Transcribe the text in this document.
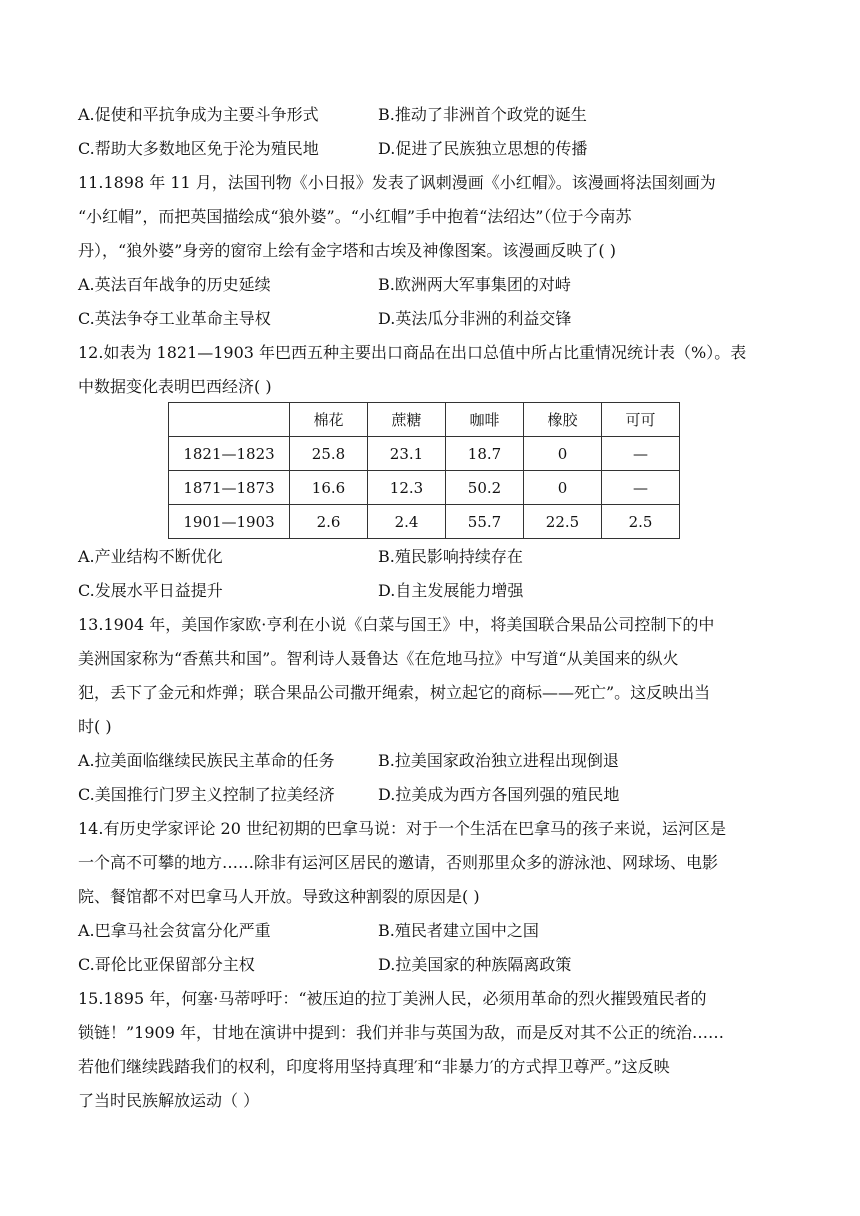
A.促使和平抗争成为主要斗争形式	B.推动了非洲首个政党的诞生
C.帮助大多数地区免于沦为殖民地	D.促进了民族独立思想的传播
11.1898 年 11 月，法国刊物《小日报》发表了讽刺漫画《小红帽》。该漫画将法国刻画为
“小红帽”，而把英国描绘成“狼外婆”。“小红帽”手中抱着“法绍达”（位于今南苏
丹），“狼外婆”身旁的窗帘上绘有金字塔和古埃及神像图案。该漫画反映了( )
A.英法百年战争的历史延续	B.欧洲两大军事集团的对峙
C.英法争夺工业革命主导权	D.英法瓜分非洲的利益交锋
12.如表为 1821—1903 年巴西五种主要出口商品在出口总值中所占比重情况统计表（%）。表
中数据变化表明巴西经济( )
	棉花	蔗糖	咖啡	橡胶	可可
1821—1823	25.8	23.1	18.7	0	—
1871—1873	16.6	12.3	50.2	0	—
1901—1903	2.6	2.4	55.7	22.5	2.5
A.产业结构不断优化	B.殖民影响持续存在
C.发展水平日益提升	D.自主发展能力增强
13.1904 年，美国作家欧·亨利在小说《白菜与国王》中，将美国联合果品公司控制下的中
美洲国家称为“香蕉共和国”。智利诗人聂鲁达《在危地马拉》中写道“从美国来的纵火
犯，丢下了金元和炸弹；联合果品公司撒开绳索，树立起它的商标——死亡”。这反映出当
时( )
A.拉美面临继续民族民主革命的任务	B.拉美国家政治独立进程出现倒退
C.美国推行门罗主义控制了拉美经济	D.拉美成为西方各国列强的殖民地
14.有历史学家评论 20 世纪初期的巴拿马说：对于一个生活在巴拿马的孩子来说，运河区是
一个高不可攀的地方……除非有运河区居民的邀请，否则那里众多的游泳池、网球场、电影
院、餐馆都不对巴拿马人开放。导致这种割裂的原因是( )
A.巴拿马社会贫富分化严重	B.殖民者建立国中之国
C.哥伦比亚保留部分主权	D.拉美国家的种族隔离政策
15.1895 年，何塞·马蒂呼吁：“被压迫的拉丁美洲人民，必须用革命的烈火摧毁殖民者的
锁链！”1909 年，甘地在演讲中提到：我们并非与英国为敌，而是反对其不公正的统治……
若他们继续践踏我们的权利，印度将用坚持真理′和“非暴力′的方式捍卫尊严。”这反映
了当时民族解放运动（ ）
